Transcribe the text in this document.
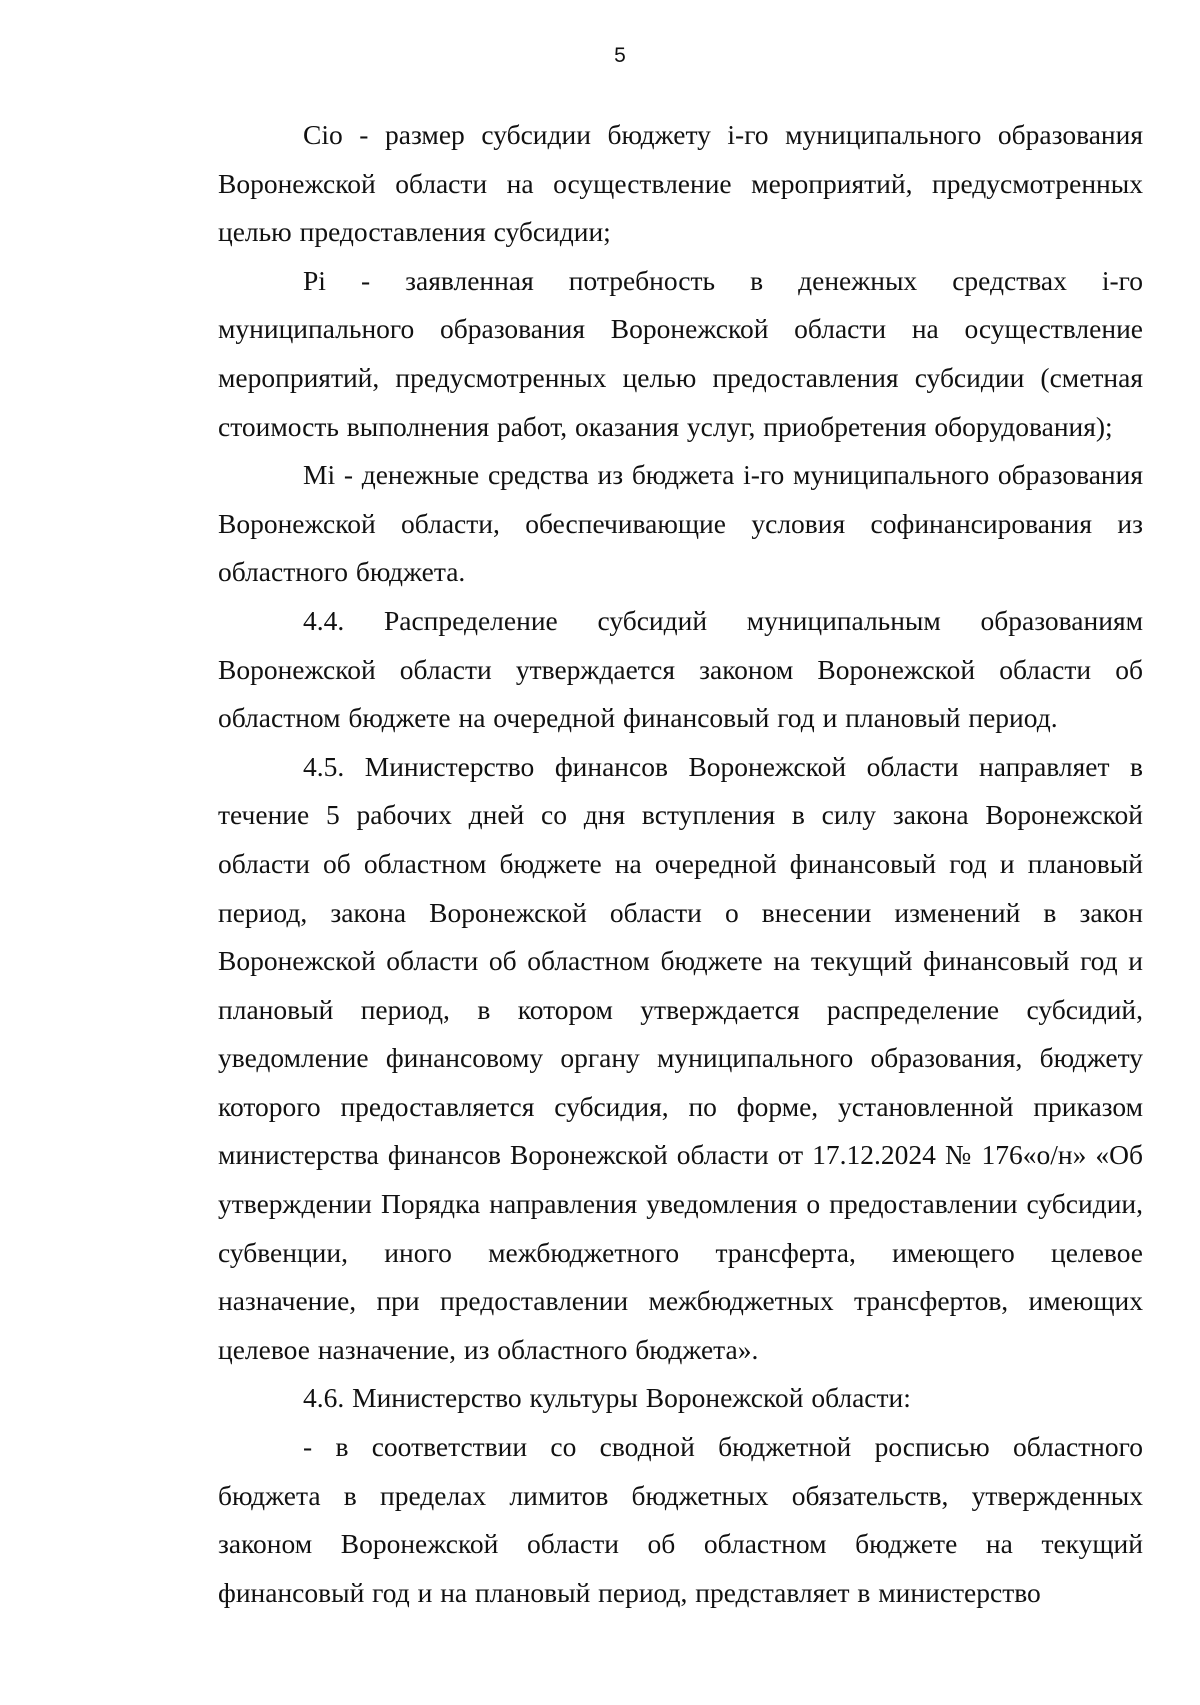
5

Ciо - размер субсидии бюджету i-го муниципального образования Воронежской области на осуществление мероприятий, предусмотренных целью предоставления субсидии;

Pi - заявленная потребность в денежных средствах i-го муниципального образования Воронежской области на осуществление мероприятий, предусмотренных целью предоставления субсидии (сметная стоимость выполнения работ, оказания услуг, приобретения оборудования);

Mi - денежные средства из бюджета i-го муниципального образования Воронежской области, обеспечивающие условия софинансирования из областного бюджета.

4.4. Распределение субсидий муниципальным образованиям Воронежской области утверждается законом Воронежской области об областном бюджете на очередной финансовый год и плановый период.

4.5. Министерство финансов Воронежской области направляет в течение 5 рабочих дней со дня вступления в силу закона Воронежской области об областном бюджете на очередной финансовый год и плановый период, закона Воронежской области о внесении изменений в закон Воронежской области об областном бюджете на текущий финансовый год и плановый период, в котором утверждается распределение субсидий, уведомление финансовому органу муниципального образования, бюджету которого предоставляется субсидия, по форме, установленной приказом министерства финансов Воронежской области от 17.12.2024 № 176«о/н» «Об утверждении Порядка направления уведомления о предоставлении субсидии, субвенции, иного межбюджетного трансферта, имеющего целевое назначение, при предоставлении межбюджетных трансфертов, имеющих целевое назначение, из областного бюджета».

4.6. Министерство культуры Воронежской области:

- в соответствии со сводной бюджетной росписью областного бюджета в пределах лимитов бюджетных обязательств, утвержденных законом Воронежской области об областном бюджете на текущий финансовый год и на плановый период, представляет в министерство
